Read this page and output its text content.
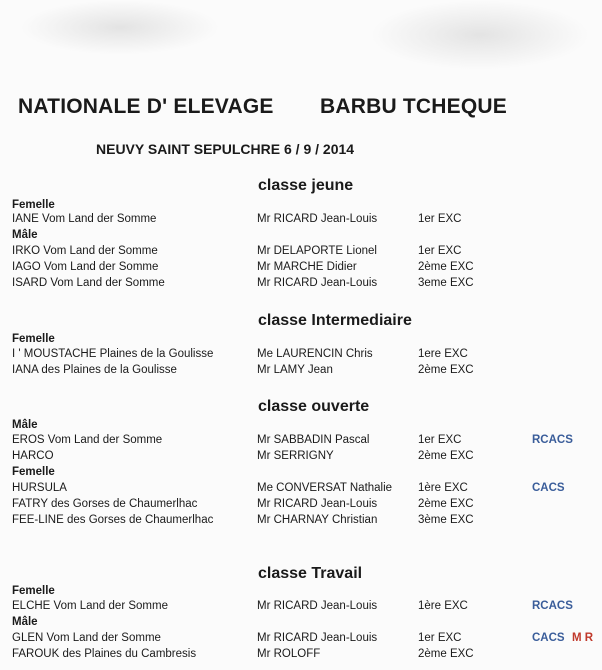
NATIONALE D' ELEVAGE BARBU TCHEQUE
NEUVY SAINT SEPULCHRE 6 / 9 / 2014
classe jeune
Femelle
IANE Vom Land der Somme	Mr RICARD Jean-Louis	1er EXC
Mâle
IRKO Vom Land der Somme	Mr DELAPORTE Lionel	1er EXC
IAGO Vom Land der Somme	Mr MARCHE Didier	2ème EXC
ISARD Vom Land der Somme	Mr RICARD Jean-Louis	3eme EXC
classe Intermediaire
Femelle
I ' MOUSTACHE Plaines de la Goulisse	Me LAURENCIN Chris	1ere EXC
IANA des Plaines de la Goulisse	Mr LAMY Jean	2ème EXC
classe ouverte
Mâle
EROS Vom Land der Somme	Mr SABBADIN Pascal	1er EXC	RCACS
HARCO	Mr SERRIGNY	2ème EXC
Femelle
HURSULA	Me CONVERSAT Nathalie 1ère EXC	CACS
FATRY des Gorses de Chaumerlhac	Mr RICARD Jean-Louis	2ème EXC
FEE-LINE des Gorses de Chaumerlhac	Mr CHARNAY Christian	3ème EXC
classe Travail
Femelle
ELCHE Vom Land der Somme	Mr RICARD Jean-Louis	1ère EXC	RCACS
Mâle
GLEN Vom Land der Somme	Mr RICARD Jean-Louis	1er EXC	CACS M R
FAROUK des Plaines du Cambresis	Mr ROLOFF	2ème EXC
